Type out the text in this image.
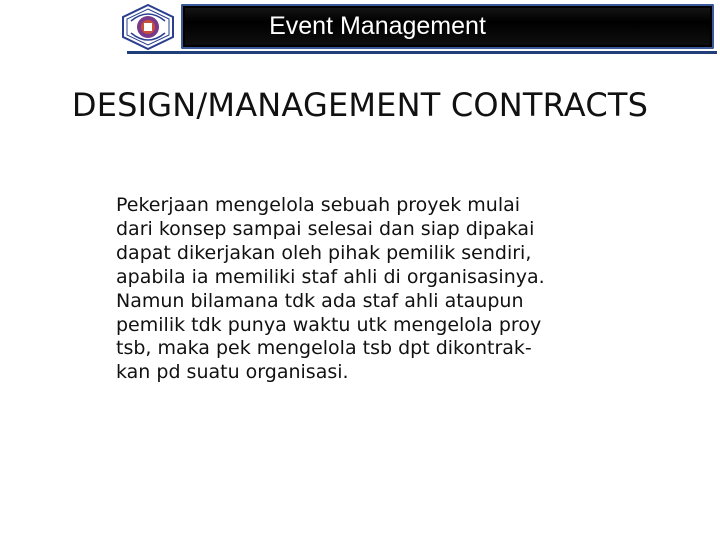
Event Management
DESIGN/MANAGEMENT CONTRACTS
Pekerjaan mengelola sebuah proyek mulai
dari konsep sampai selesai dan siap dipakai
dapat dikerjakan oleh pihak pemilik sendiri,
apabila ia memiliki staf ahli di organisasinya.
Namun bilamana tdk ada staf ahli ataupun
pemilik tdk punya waktu utk mengelola proy
tsb, maka pek mengelola tsb dpt dikontrak-
kan pd suatu organisasi.
